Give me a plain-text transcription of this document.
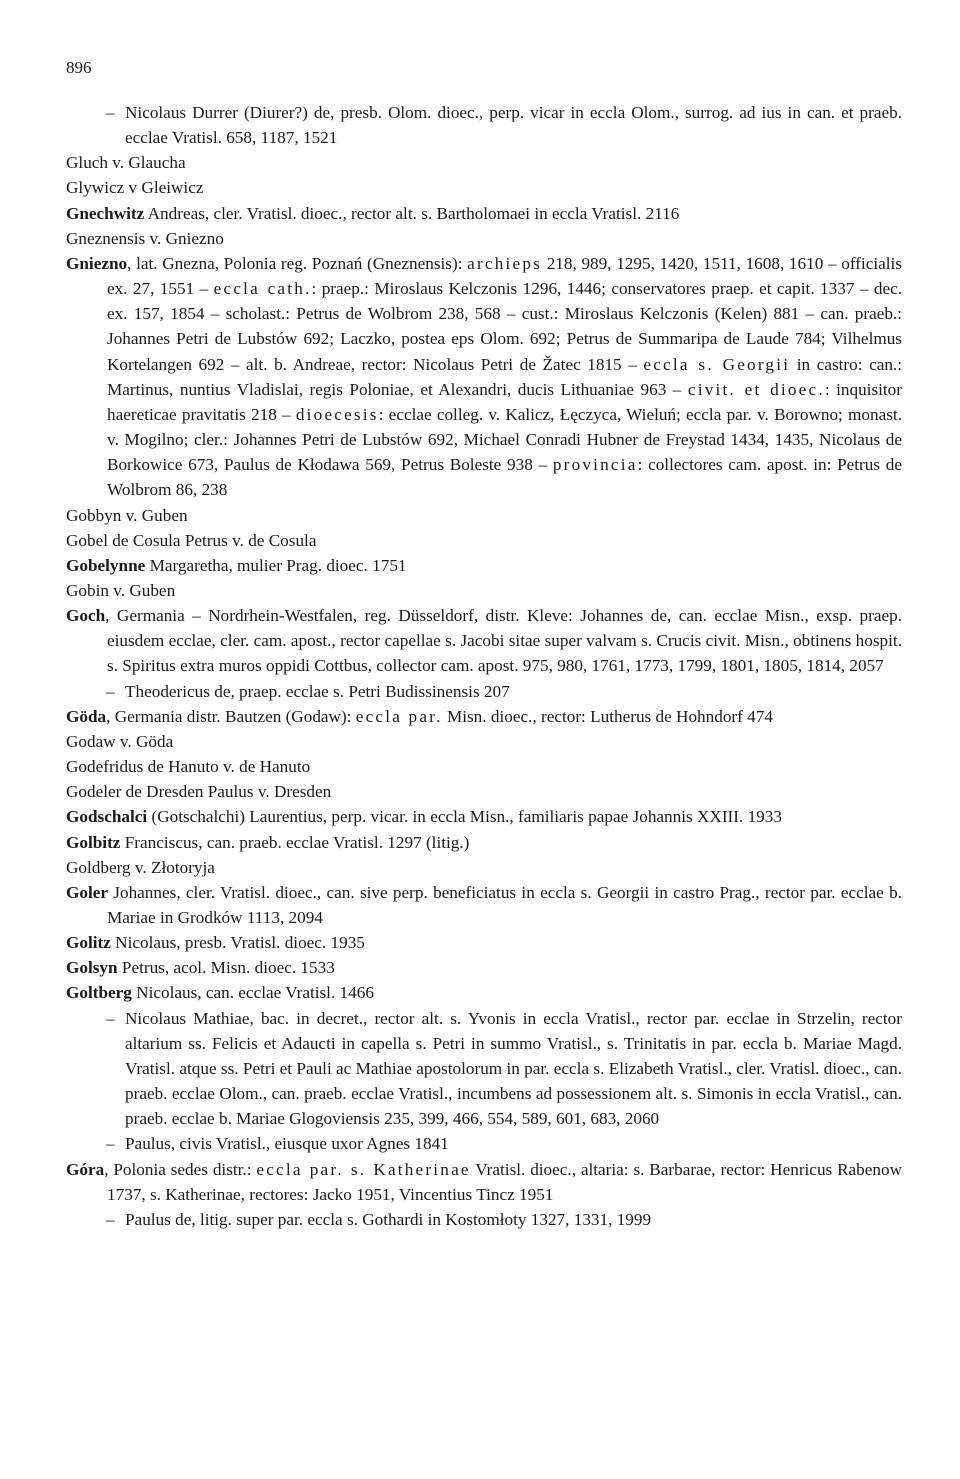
896

– Nicolaus Durrer (Diurer?) de, presb. Olom. dioec., perp. vicar in eccla Olom., surrog. ad ius in can. et praeb. ecclae Vratisl. 658, 1187, 1521

Gluch v. Glaucha

Glywicz v Gleiwicz

Gnechwitz Andreas, cler. Vratisl. dioec., rector alt. s. Bartholomaei in eccla Vratisl. 2116

Gneznensis v. Gniezno

Gniezno, lat. Gnezna, Polonia reg. Poznań (Gneznensis): archieps 218, 989, 1295, 1420, 1511, 1608, 1610 – officialis ex. 27, 1551 – eccla cath.: praep.: Miroslaus Kelczonis 1296, 1446; conservatores praep. et capit. 1337 – dec. ex. 157, 1854 – scholast.: Petrus de Wolbrom 238, 568 – cust.: Miroslaus Kelczonis (Kelen) 881 – can. praeb.: Johannes Petri de Lubstów 692; Laczko, postea eps Olom. 692; Petrus de Summaripa de Laude 784; Vilhelmus Kortelangen 692 – alt. b. Andreae, rector: Nicolaus Petri de Žatec 1815 – eccla s. Georgii in castro: can.: Martinus, nuntius Vladislai, regis Poloniae, et Alexandri, ducis Lithuaniae 963 – civit. et dioec.: inquisitor haereticae pravitatis 218 – dioecesis: ecclae colleg. v. Kalicz, Łęczyca, Wieluń; eccla par. v. Borowno; monast. v. Mogilno; cler.: Johannes Petri de Lubstów 692, Michael Conradi Hubner de Freystad 1434, 1435, Nicolaus de Borkowice 673, Paulus de Kłodawa 569, Petrus Boleste 938 – provincia: collectores cam. apost. in: Petrus de Wolbrom 86, 238

Gobbyn v. Guben

Gobel de Cosula Petrus v. de Cosula

Gobelynne Margaretha, mulier Prag. dioec. 1751

Gobin v. Guben

Goch, Germania – Nordrhein-Westfalen, reg. Düsseldorf, distr. Kleve: Johannes de, can. ecclae Misn., exsp. praep. eiusdem ecclae, cler. cam. apost., rector capellae s. Jacobi sitae super valvam s. Crucis civit. Misn., obtinens hospit. s. Spiritus extra muros oppidi Cottbus, collector cam. apost. 975, 980, 1761, 1773, 1799, 1801, 1805, 1814, 2057

– Theodericus de, praep. ecclae s. Petri Budissinensis 207

Göda, Germania distr. Bautzen (Godaw): eccla par. Misn. dioec., rector: Lutherus de Hohndorf 474

Godaw v. Göda

Godefridus de Hanuto v. de Hanuto

Godeler de Dresden Paulus v. Dresden

Godschalci (Gotschalchi) Laurentius, perp. vicar. in eccla Misn., familiaris papae Johannis XXIII. 1933

Golbitz Franciscus, can. praeb. ecclae Vratisl. 1297 (litig.)

Goldberg v. Złotoryja

Goler Johannes, cler. Vratisl. dioec., can. sive perp. beneficiatus in eccla s. Georgii in castro Prag., rector par. ecclae b. Mariae in Grodków 1113, 2094

Golitz Nicolaus, presb. Vratisl. dioec. 1935

Golsyn Petrus, acol. Misn. dioec. 1533

Goltberg Nicolaus, can. ecclae Vratisl. 1466

– Nicolaus Mathiae, bac. in decret., rector alt. s. Yvonis in eccla Vratisl., rector par. ecclae in Strzelin, rector altarium ss. Felicis et Adaucti in capella s. Petri in summo Vratisl., s. Trinitatis in par. eccla b. Mariae Magd. Vratisl. atque ss. Petri et Pauli ac Mathiae apostolorum in par. eccla s. Elizabeth Vratisl., cler. Vratisl. dioec., can. praeb. ecclae Olom., can. praeb. ecclae Vratisl., incumbens ad possessionem alt. s. Simonis in eccla Vratisl., can. praeb. ecclae b. Mariae Glogoviensis 235, 399, 466, 554, 589, 601, 683, 2060

– Paulus, civis Vratisl., eiusque uxor Agnes 1841

Góra, Polonia sedes distr.: eccla par. s. Katherinae Vratisl. dioec., altaria: s. Barbarae, rector: Henricus Rabenow 1737, s. Katherinae, rectores: Jacko 1951, Vincentius Tincz 1951

– Paulus de, litig. super par. eccla s. Gothardi in Kostomłoty 1327, 1331, 1999
